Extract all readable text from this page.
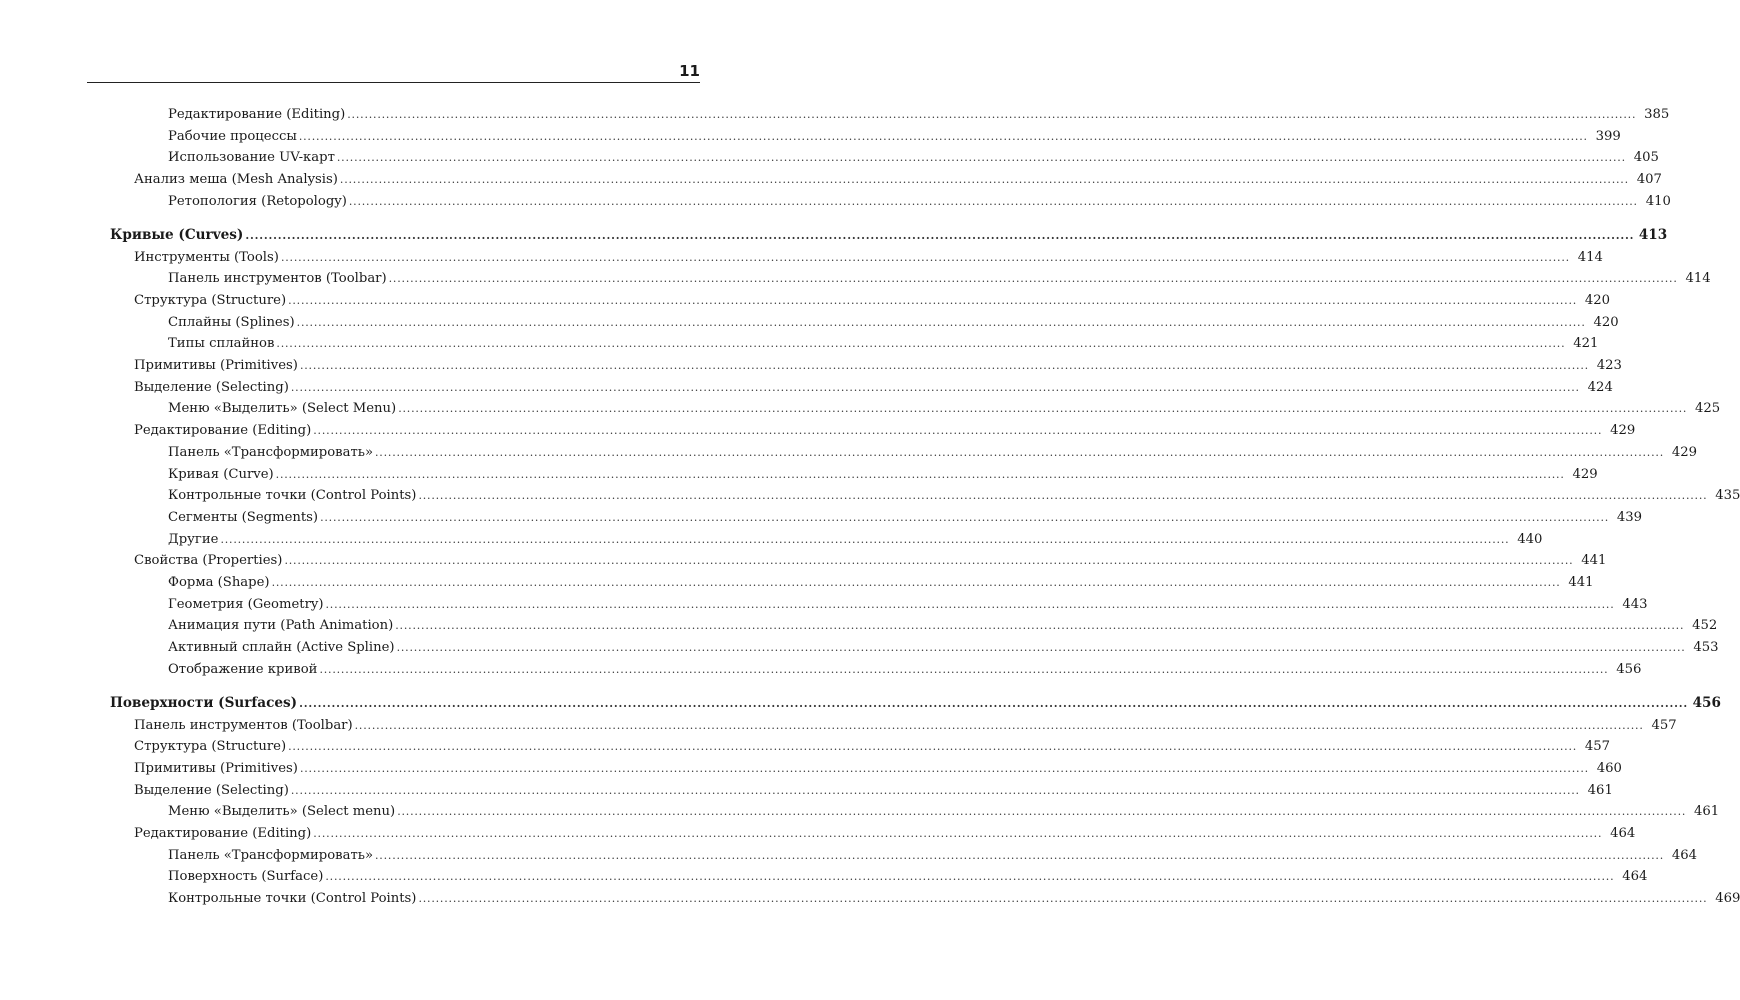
11
Редактирование (Editing) ............................................................................................................................................................................................................................................................................................................ 385
Рабочие процессы ............................................................................................................................................................................................................................................................................................................ 399
Использование UV-карт ............................................................................................................................................................................................................................................................................................................ 405
Анализ меша (Mesh Analysis) ............................................................................................................................................................................................................................................................................................................ 407
Ретопология (Retopology) ............................................................................................................................................................................................................................................................................................................ 410
Кривые (Curves) ............................................................................................................................................................................................................................................................................................................ 413
Инструменты (Tools) ............................................................................................................................................................................................................................................................................................................ 414
Панель инструментов (Toolbar) ............................................................................................................................................................................................................................................................................................................ 414
Структура (Structure) ............................................................................................................................................................................................................................................................................................................ 420
Сплайны (Splines) ............................................................................................................................................................................................................................................................................................................ 420
Типы сплайнов ............................................................................................................................................................................................................................................................................................................ 421
Примитивы (Primitives) ............................................................................................................................................................................................................................................................................................................ 423
Выделение (Selecting) ............................................................................................................................................................................................................................................................................................................ 424
Меню «Выделить» (Select Menu) ............................................................................................................................................................................................................................................................................................................ 425
Редактирование (Editing) ............................................................................................................................................................................................................................................................................................................ 429
Панель «Трансформировать» ............................................................................................................................................................................................................................................................................................................ 429
Кривая (Curve) ............................................................................................................................................................................................................................................................................................................ 429
Контрольные точки (Control Points) ............................................................................................................................................................................................................................................................................................................ 435
Сегменты (Segments) ............................................................................................................................................................................................................................................................................................................ 439
Другие ............................................................................................................................................................................................................................................................................................................ 440
Свойства (Properties) ............................................................................................................................................................................................................................................................................................................ 441
Форма (Shape) ............................................................................................................................................................................................................................................................................................................ 441
Геометрия (Geometry) ............................................................................................................................................................................................................................................................................................................ 443
Анимация пути (Path Animation) ............................................................................................................................................................................................................................................................................................................ 452
Активный сплайн (Active Spline) ............................................................................................................................................................................................................................................................................................................ 453
Отображение кривой ............................................................................................................................................................................................................................................................................................................ 456
Поверхности (Surfaces) ............................................................................................................................................................................................................................................................................................................ 456
Панель инструментов (Toolbar) ............................................................................................................................................................................................................................................................................................................ 457
Структура (Structure) ............................................................................................................................................................................................................................................................................................................ 457
Примитивы (Primitives) ............................................................................................................................................................................................................................................................................................................ 460
Выделение (Selecting) ............................................................................................................................................................................................................................................................................................................ 461
Меню «Выделить» (Select menu) ............................................................................................................................................................................................................................................................................................................ 461
Редактирование (Editing) ............................................................................................................................................................................................................................................................................................................ 464
Панель «Трансформировать» ............................................................................................................................................................................................................................................................................................................ 464
Поверхность (Surface) ............................................................................................................................................................................................................................................................................................................ 464
Контрольные точки (Control Points) ............................................................................................................................................................................................................................................................................................................ 469
